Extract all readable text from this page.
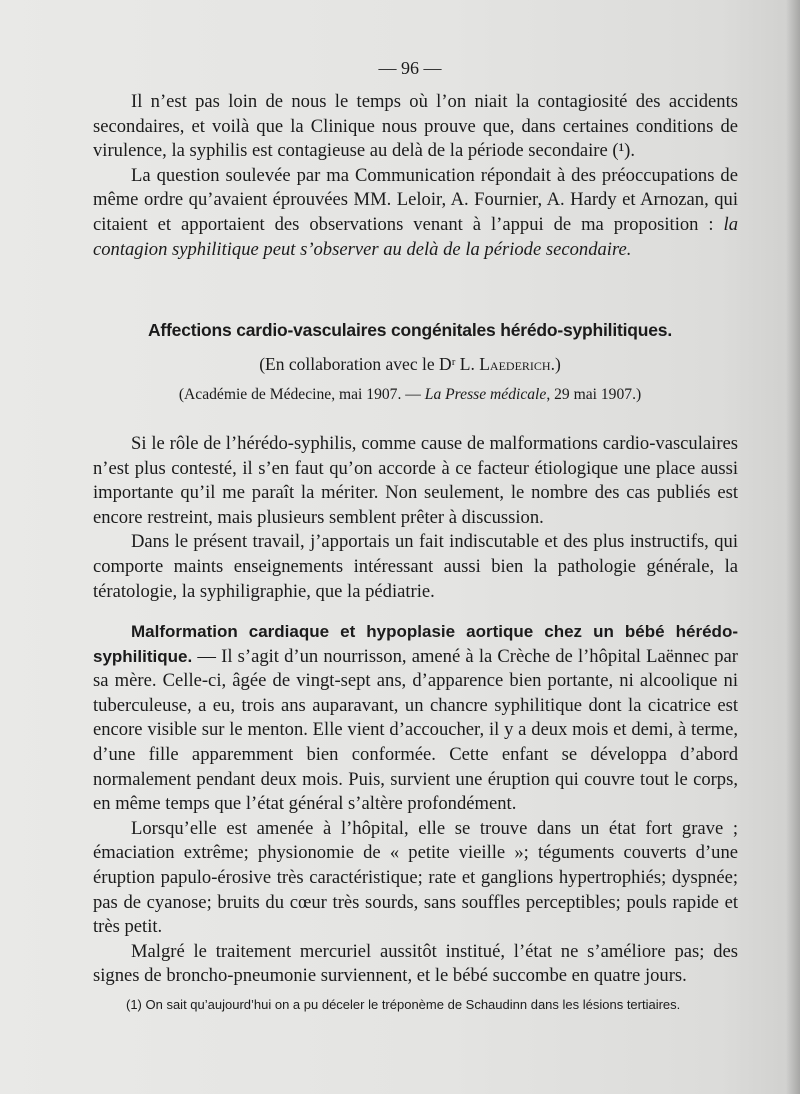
— 96 —

Il n’est pas loin de nous le temps où l’on niait la contagiosité des accidents secondaires, et voilà que la Clinique nous prouve que, dans certaines conditions de virulence, la syphilis est contagieuse au delà de la période secondaire (¹).

La question soulevée par ma Communication répondait à des préoccupations de même ordre qu’avaient éprouvées MM. Leloir, A. Fournier, A. Hardy et Arnozan, qui citaient et apportaient des observations venant à l’appui de ma proposition : la contagion syphilitique peut s’observer au delà de la période secondaire.

Affections cardio-vasculaires congénitales hérédo-syphilitiques.
(En collaboration avec le Dʳ L. Laederich.)
(Académie de Médecine, mai 1907. — La Presse médicale, 29 mai 1907.)

Si le rôle de l’hérédo-syphilis, comme cause de malformations cardio-vasculaires n’est plus contesté, il s’en faut qu’on accorde à ce facteur étiologique une place aussi importante qu’il me paraît la mériter. Non seulement, le nombre des cas publiés est encore restreint, mais plusieurs semblent prêter à discussion.

Dans le présent travail, j’apportais un fait indiscutable et des plus instructifs, qui comporte maints enseignements intéressant aussi bien la pathologie générale, la tératologie, la syphiligraphie, que la pédiatrie.

Malformation cardiaque et hypoplasie aortique chez un bébé hérédo-syphilitique. — Il s’agit d’un nourrisson, amené à la Crèche de l’hôpital Laënnec par sa mère. Celle-ci, âgée de vingt-sept ans, d’apparence bien portante, ni alcoolique ni tuberculeuse, a eu, trois ans auparavant, un chancre syphilitique dont la cicatrice est encore visible sur le menton. Elle vient d’accoucher, il y a deux mois et demi, à terme, d’une fille apparemment bien conformée. Cette enfant se développa d’abord normalement pendant deux mois. Puis, survient une éruption qui couvre tout le corps, en même temps que l’état général s’altère profondément.

Lorsqu’elle est amenée à l’hôpital, elle se trouve dans un état fort grave ; émaciation extrême; physionomie de « petite vieille »; téguments couverts d’une éruption papulo-érosive très caractéristique; rate et ganglions hypertrophiés; dyspnée; pas de cyanose; bruits du cœur très sourds, sans souffles perceptibles; pouls rapide et très petit.

Malgré le traitement mercuriel aussitôt institué, l’état ne s’améliore pas; des signes de broncho-pneumonie surviennent, et le bébé succombe en quatre jours.

(1) On sait qu’aujourd’hui on a pu déceler le tréponème de Schaudinn dans les lésions tertiaires.
